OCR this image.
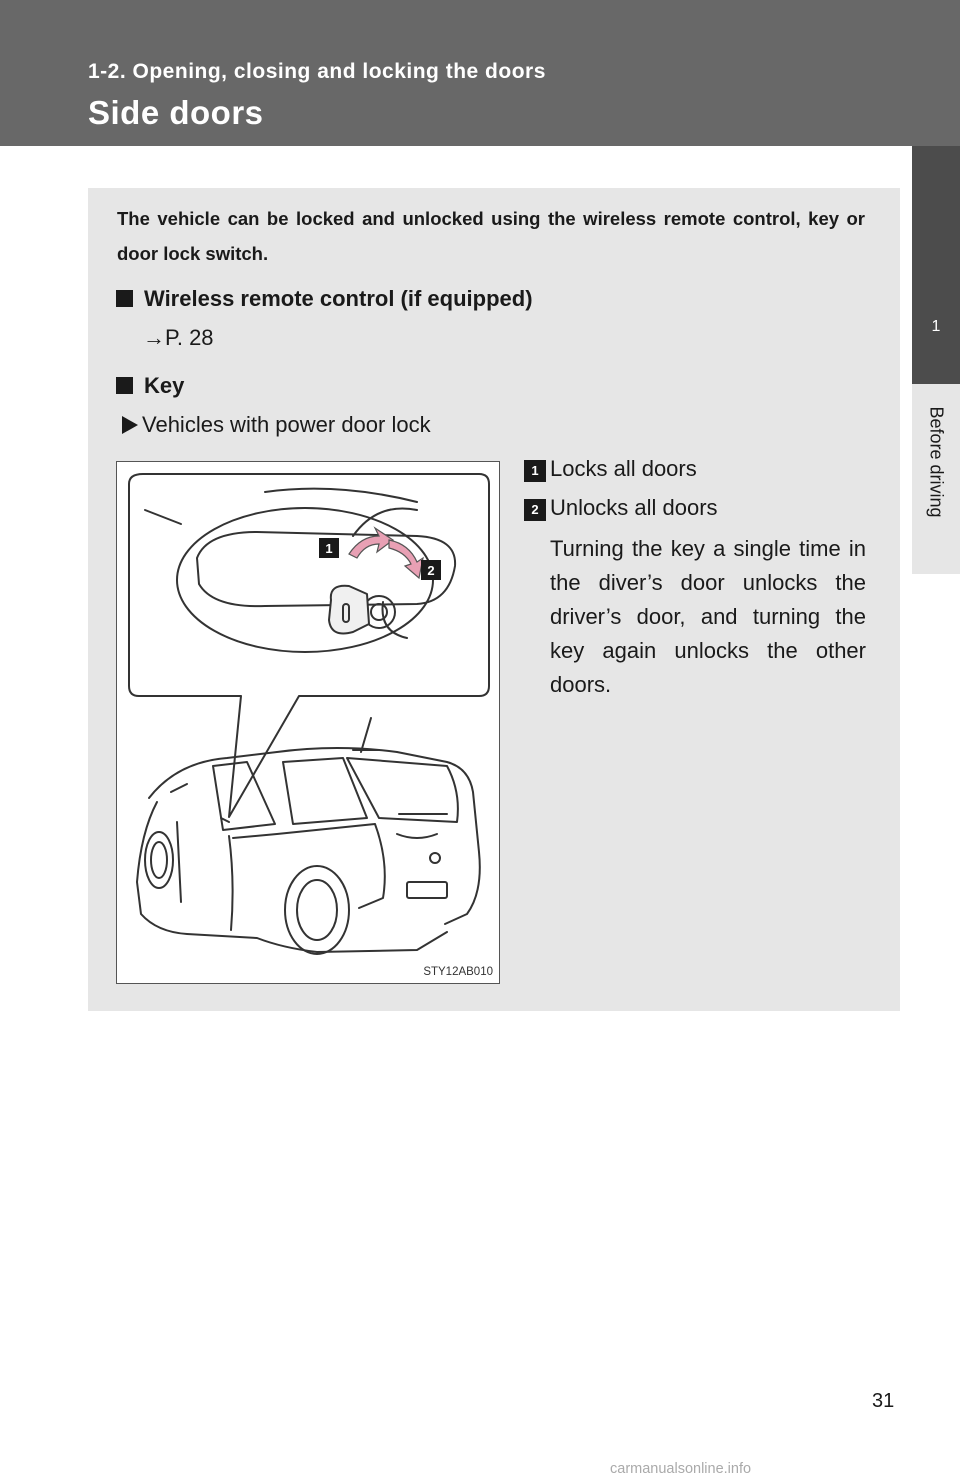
1-2. Opening, closing and locking the doors
Side doors
1
Before driving
The vehicle can be locked and unlocked using the wireless remote control, key or door lock switch.
Wireless remote control (if equipped)
→P. 28
Key
Vehicles with power door lock
1
2
STY12AB010
1 Locks all doors
2 Unlocks all doors
Turning the key a single time in the diver’s door unlocks the driver’s door, and turning the key again unlocks the other doors.
31
carmanualsonline.info
